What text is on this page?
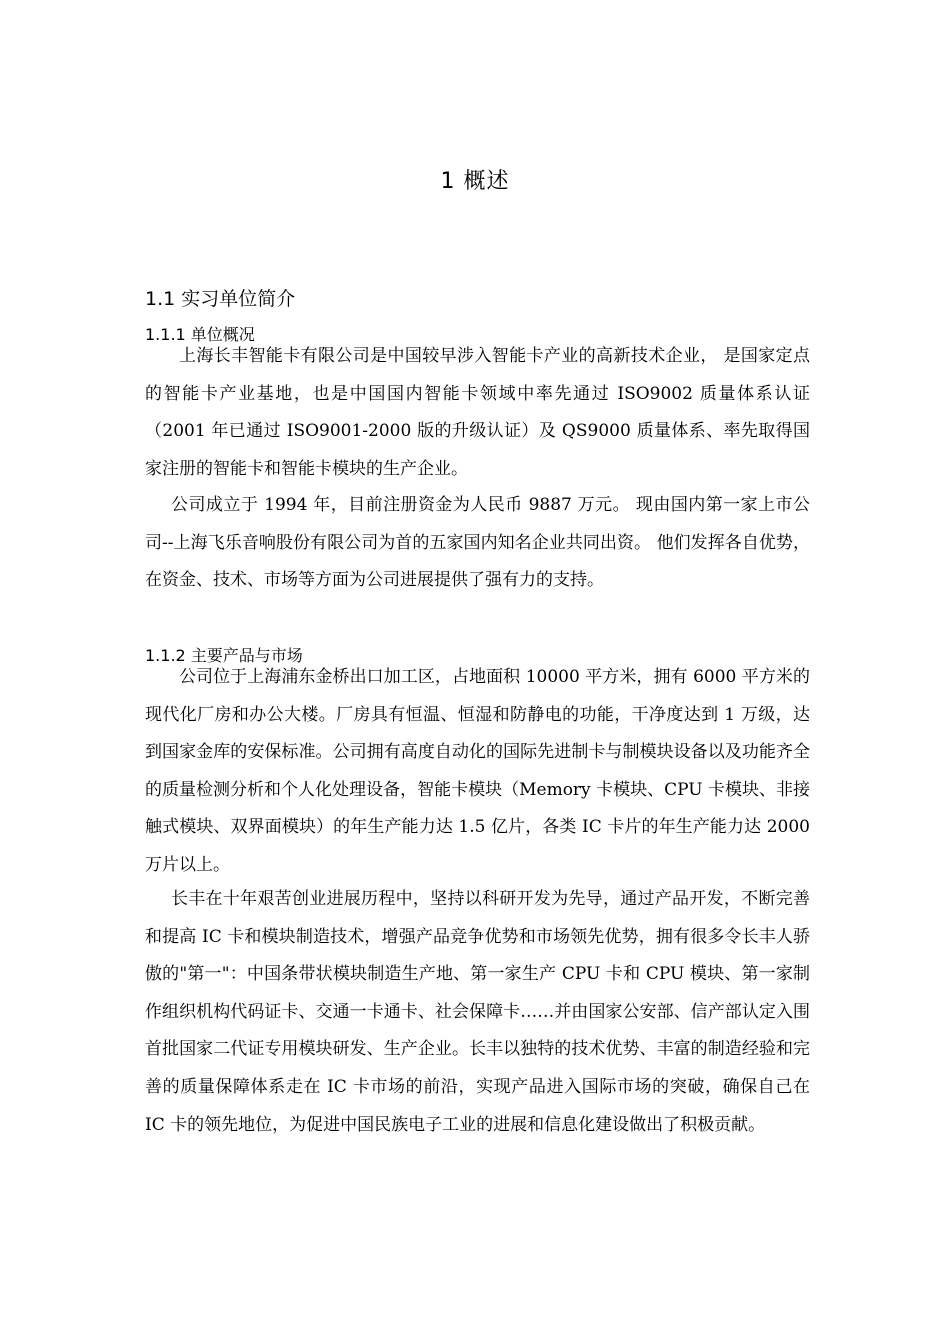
1 概述
1.1 实习单位简介
1.1.1 单位概况

上海长丰智能卡有限公司是中国较早涉入智能卡产业的高新技术企业， 是国家定点的智能卡产业基地，也是中国国内智能卡领域中率先通过 ISO9002 质量体系认证 （2001 年已通过 ISO9001-2000 版的升级认证）及 QS9000 质量体系、率先取得国家注册的智能卡和智能卡模块的生产企业。

公司成立于 1994 年，目前注册资金为人民币 9887 万元。 现由国内第一家上市公司--上海飞乐音响股份有限公司为首的五家国内知名企业共同出资。 他们发挥各自优势，在资金、技术、市场等方面为公司进展提供了强有力的支持。

1.1.2 主要产品与市场

公司位于上海浦东金桥出口加工区，占地面积 10000 平方米，拥有 6000 平方米的现代化厂房和办公大楼。厂房具有恒温、恒湿和防静电的功能，干净度达到 1 万级，达到国家金库的安保标准。公司拥有高度自动化的国际先进制卡与制模块设备以及功能齐全的质量检测分析和个人化处理设备，智能卡模块（Memory 卡模块、CPU 卡模块、非接触式模块、双界面模块）的年生产能力达 1.5 亿片，各类 IC 卡片的年生产能力达 2000 万片以上。

长丰在十年艰苦创业进展历程中，坚持以科研开发为先导，通过产品开发，不断完善和提高 IC 卡和模块制造技术，增强产品竞争优势和市场领先优势，拥有很多令长丰人骄傲的"第一"：中国条带状模块制造生产地、第一家生产 CPU 卡和 CPU 模块、第一家制作组织机构代码证卡、交通一卡通卡、社会保障卡……并由国家公安部、信产部认定入围首批国家二代证专用模块研发、生产企业。长丰以独特的技术优势、丰富的制造经验和完善的质量保障体系走在 IC 卡市场的前沿，实现产品进入国际市场的突破，确保自己在 IC 卡的领先地位，为促进中国民族电子工业的进展和信息化建设做出了积极贡献。
